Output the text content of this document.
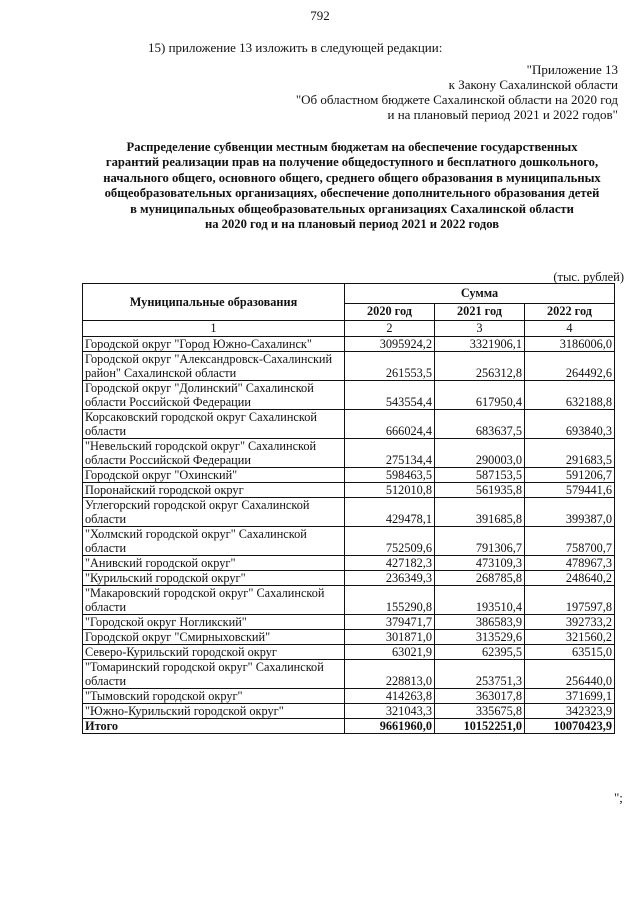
792
15) приложение 13 изложить в следующей редакции:
"Приложение 13
к Закону Сахалинской области
"Об областном бюджете Сахалинской области на 2020 год
и на плановый период 2021 и 2022 годов"
Распределение субвенции местным бюджетам на обеспечение государственных
гарантий реализации прав на получение общедоступного и бесплатного дошкольного,
начального общего, основного общего, среднего общего образования в муниципальных
общеобразовательных организациях, обеспечение дополнительного образования детей
в муниципальных общеобразовательных организациях Сахалинской области
на 2020 год и на плановый период 2021 и 2022 годов
(тыс. рублей)
Муниципальные образования	Сумма		
	2020 год	2021 год	2022 год
1	2	3	4
Городской округ "Город Южно-Сахалинск"	3095924,2	3321906,1	3186006,0
Городской округ "Александровск-Сахалинский район" Сахалинской области	261553,5	256312,8	264492,6
Городской округ "Долинский" Сахалинской области Российской Федерации	543554,4	617950,4	632188,8
Корсаковский городской округ Сахалинской области	666024,4	683637,5	693840,3
"Невельский городской округ" Сахалинской области Российской Федерации	275134,4	290003,0	291683,5
Городской округ "Охинский"	598463,5	587153,5	591206,7
Поронайский городской округ	512010,8	561935,8	579441,6
Углегорский городской округ Сахалинской области	429478,1	391685,8	399387,0
"Холмский городской округ" Сахалинской области	752509,6	791306,7	758700,7
"Анивский городской округ"	427182,3	473109,3	478967,3
"Курильский городской округ"	236349,3	268785,8	248640,2
"Макаровский городской округ" Сахалинской области	155290,8	193510,4	197597,8
"Городской округ Ногликский"	379471,7	386583,9	392733,2
Городской округ "Смирныховский"	301871,0	313529,6	321560,2
Северо-Курильский городской округ	63021,9	62395,5	63515,0
"Томаринский городской округ" Сахалинской области	228813,0	253751,3	256440,0
"Тымовский городской округ"	414263,8	363017,8	371699,1
"Южно-Курильский городской округ"	321043,3	335675,8	342323,9
Итого	9661960,0	10152251,0	10070423,9
";
